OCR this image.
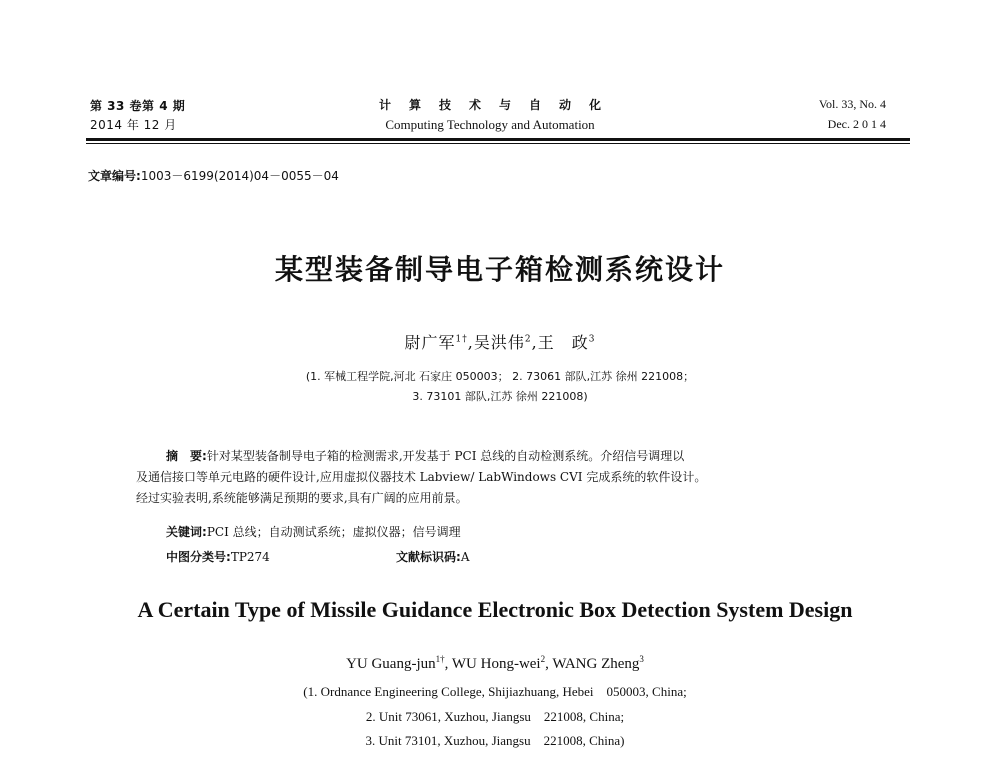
第 33 卷第 4 期
2014 年 12 月
计算技术与自动化
Computing Technology and Automation
Vol. 33, No. 4
Dec. 2 0 1 4
文章编号:1003－6199(2014)04－0055－04
某型装备制导电子箱检测系统设计
尉广军$^{1\dagger}$,吴洪伟$^2$,王　政$^3$
(1. 军械工程学院,河北 石家庄 050003； 2. 73061 部队,江苏 徐州 221008；
3. 73101 部队,江苏 徐州 221008)
摘　要:针对某型装备制导电子箱的检测需求,开发基于 PCI 总线的自动检测系统。介绍信号调理以
及通信接口等单元电路的硬件设计,应用虚拟仪器技术 Labview/ LabWindows CVI 完成系统的软件设计。
经过实验表明,系统能够满足预期的要求,具有广阔的应用前景。
关键词:PCI 总线；自动测试系统；虚拟仪器；信号调理
中图分类号:TP274	文献标识码:A
A Certain Type of Missile Guidance Electronic Box Detection System Design
YU Guang-jun$^{1\dagger}$, WU Hong-wei$^2$, WANG Zheng$^3$
(1. Ordnance Engineering College, Shijiazhuang, Hebei　050003, China;
2. Unit 73061, Xuzhou, Jiangsu　221008, China;
3. Unit 73101, Xuzhou, Jiangsu　221008, China)
